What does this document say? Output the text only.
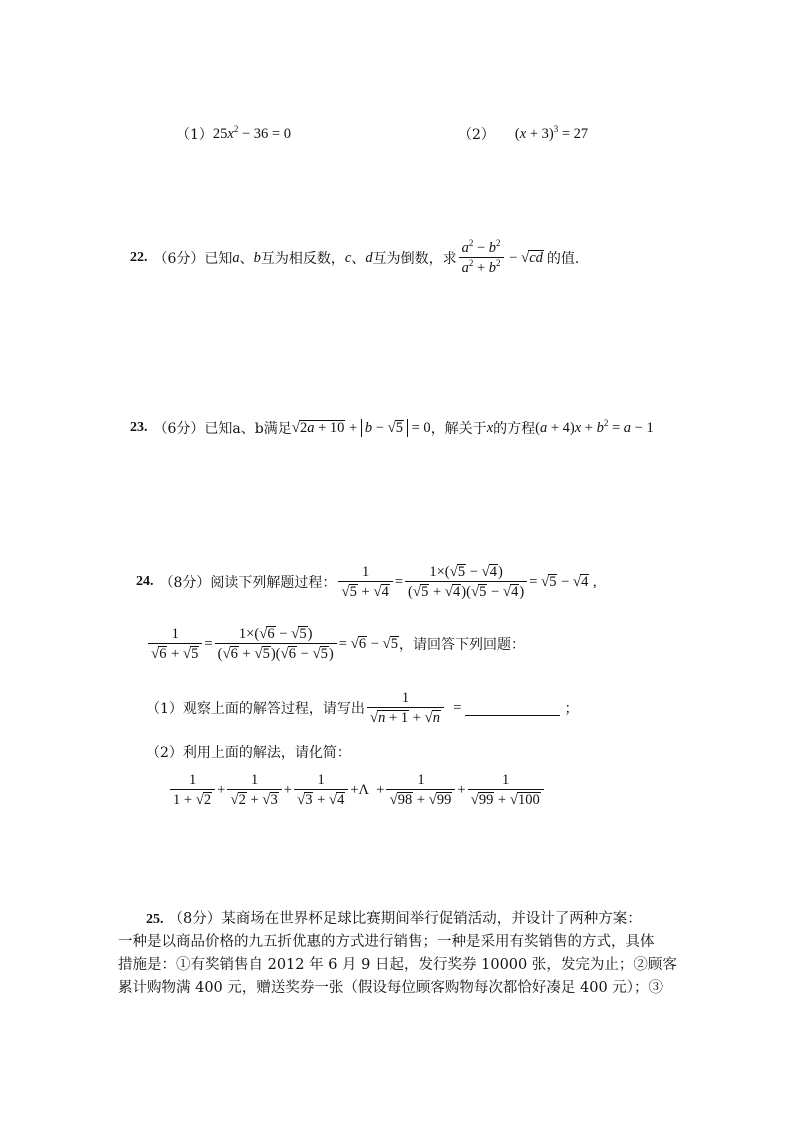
（1） $25x^2 - 36 = 0$	（2） $(x + 3)^3 = 27$
22. （6分）已知 a 、 b 互为相反数， c 、 d 互为倒数，求 $\frac{a^2 - b^2}{a^2 + b^2}$ − √ cd 的值.
23. （6分）已知a、b满足 √ 2a + 10 + b − √ 5 = 0 ，解关于 x 的方程 $(a + 4)x + b^2 = a - 1$
24. （8分）阅读下列解题过程： $\frac{1}{√ 5 + √ 4} = \frac{1\times( √ 5 - √ 4 )}{( √ 5 + √ 4 )( √ 5 - √ 4 )}$ = √ 5 − √ 4 ,
$\frac{1}{√ 6 + √ 5} = \frac{1\times( √ 6 - √ 5 )}{( √ 6 + √ 5 )( √ 6 - √ 5 )}$ = √ 6 − √ 5 ，请回答下列回题：
（1）观察上面的解答过程，请写出 $\frac{1}{√ n + 1 + √ n}$ =	；
（2）利用上面的解法，请化简：
$\frac{1}{1 + √ 2} + \frac{1}{√ 2 + √ 3} + \frac{1}{√ 3 + √ 4} +\Lambda + \frac{1}{√ 98 + √ 99} + \frac{1}{√ 99 + √ 100}$
25. （8分）某商场在世界杯足球比赛期间举行促销活动，并设计了两种方案：
一种是以商品价格的九五折优惠的方式进行销售；一种是采用有奖销售的方式，具体
措施是：①有奖销售自 2012 年 6 月 9 日起，发行奖券 10000 张，发完为止；②顾客
累计购物满 400 元，赠送奖券一张（假设每位顾客购物每次都恰好凑足 400 元）；③
